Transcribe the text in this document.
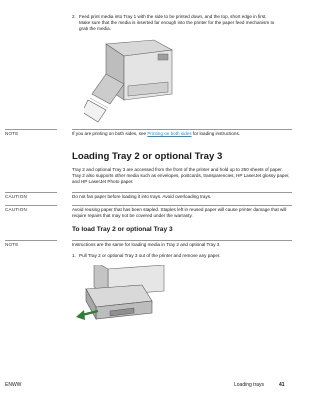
2. Feed print media into Tray 1 with the side to be printed down, and the top, short edge in first. Make sure that the media is inserted far enough into the printer for the paper feed mechanism to grab the media.
NOTE	If you are printing on both sides, see Printing on both sides for loading instructions.
Loading Tray 2 or optional Tray 3
Tray 2 and optional Tray 3 are accessed from the front of the printer and hold up to 250 sheets of paper. Tray 2 also supports other media such as envelopes, postcards, transparencies, HP LaserJet glossy paper, and HP LaserJet Photo paper.
CAUTION	Do not fan paper before loading it into trays. Avoid overloading trays.
CAUTION	Avoid reusing paper that has been stapled. Staples left in reused paper will cause printer damage that will require repairs that may not be covered under the warranty.
To load Tray 2 or optional Tray 3
NOTE	Instructions are the same for loading media in Tray 2 and optional Tray 3.
1. Pull Tray 2 or optional Tray 3 out of the printer and remove any paper.
ENWW	Loading trays	41
